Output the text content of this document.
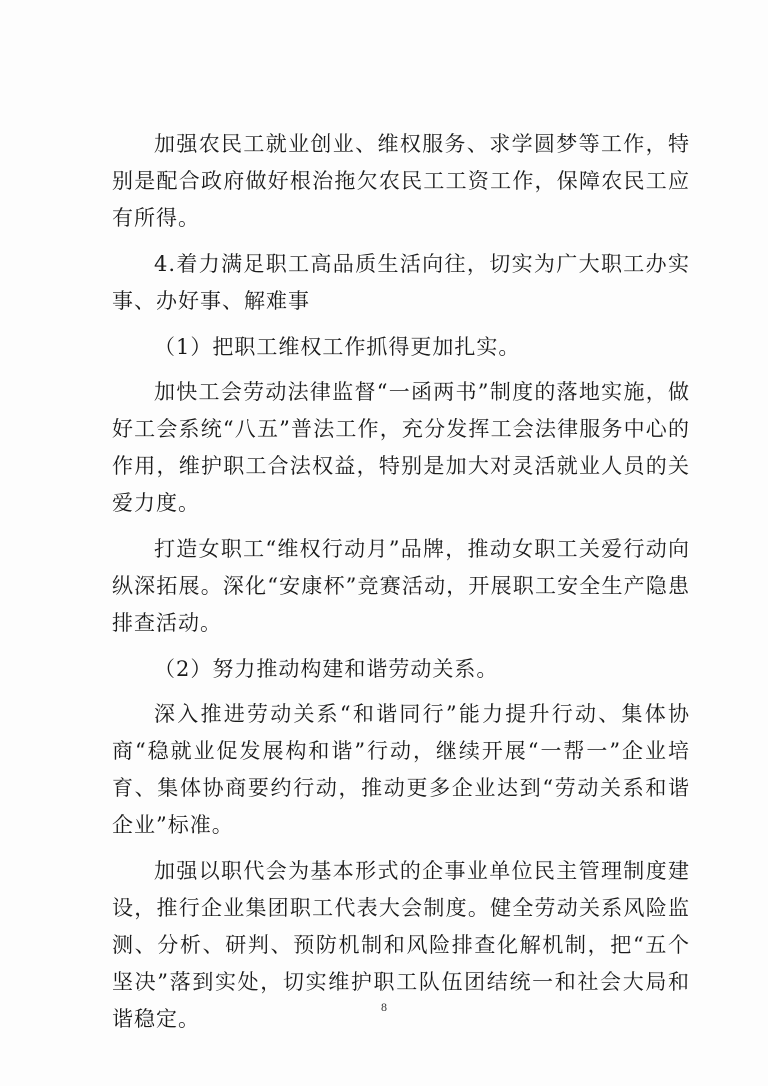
加强农民工就业创业、维权服务、求学圆梦等工作，特别是配合政府做好根治拖欠农民工工资工作，保障农民工应有所得。

4.着力满足职工高品质生活向往，切实为广大职工办实事、办好事、解难事

（1）把职工维权工作抓得更加扎实。

加快工会劳动法律监督“一函两书”制度的落地实施，做好工会系统“八五”普法工作，充分发挥工会法律服务中心的作用，维护职工合法权益，特别是加大对灵活就业人员的关爱力度。

打造女职工“维权行动月”品牌，推动女职工关爱行动向纵深拓展。深化“安康杯”竞赛活动，开展职工安全生产隐患排查活动。

（2）努力推动构建和谐劳动关系。

深入推进劳动关系“和谐同行”能力提升行动、集体协商“稳就业促发展构和谐”行动，继续开展“一帮一”企业培育、集体协商要约行动，推动更多企业达到“劳动关系和谐企业”标准。

加强以职代会为基本形式的企事业单位民主管理制度建设，推行企业集团职工代表大会制度。健全劳动关系风险监测、分析、研判、预防机制和风险排查化解机制，把“五个坚决”落到实处，切实维护职工队伍团结统一和社会大局和谐稳定。	8
